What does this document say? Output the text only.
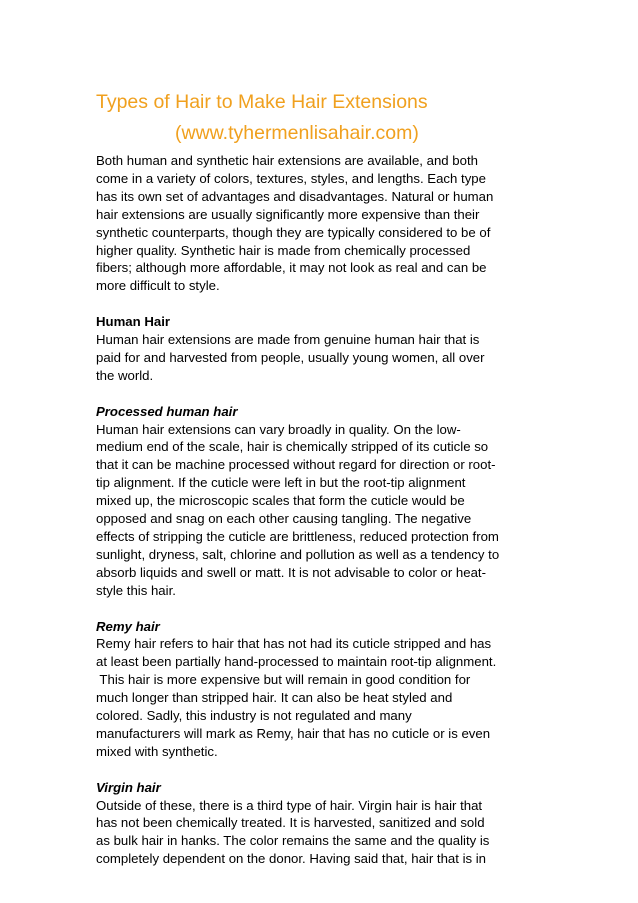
Types of Hair to Make Hair Extensions
(www.tyhermenlisahair.com)

Both human and synthetic hair extensions are available, and both
come in a variety of colors, textures, styles, and lengths. Each type
has its own set of advantages and disadvantages. Natural or human
hair extensions are usually significantly more expensive than their
synthetic counterparts, though they are typically considered to be of
higher quality. Synthetic hair is made from chemically processed
fibers; although more affordable, it may not look as real and can be
more difficult to style.

Human Hair

Human hair extensions are made from genuine human hair that is
paid for and harvested from people, usually young women, all over
the world.

Processed human hair

Human hair extensions can vary broadly in quality. On the low-
medium end of the scale, hair is chemically stripped of its cuticle so
that it can be machine processed without regard for direction or root-
tip alignment. If the cuticle were left in but the root-tip alignment
mixed up, the microscopic scales that form the cuticle would be
opposed and snag on each other causing tangling. The negative
effects of stripping the cuticle are brittleness, reduced protection from
sunlight, dryness, salt, chlorine and pollution as well as a tendency to
absorb liquids and swell or matt. It is not advisable to color or heat-
style this hair.

Remy hair

Remy hair refers to hair that has not had its cuticle stripped and has
at least been partially hand-processed to maintain root-tip alignment.
This hair is more expensive but will remain in good condition for
much longer than stripped hair. It can also be heat styled and
colored. Sadly, this industry is not regulated and many
manufacturers will mark as Remy, hair that has no cuticle or is even
mixed with synthetic.

Virgin hair

Outside of these, there is a third type of hair. Virgin hair is hair that
has not been chemically treated. It is harvested, sanitized and sold
as bulk hair in hanks. The color remains the same and the quality is
completely dependent on the donor. Having said that, hair that is in
